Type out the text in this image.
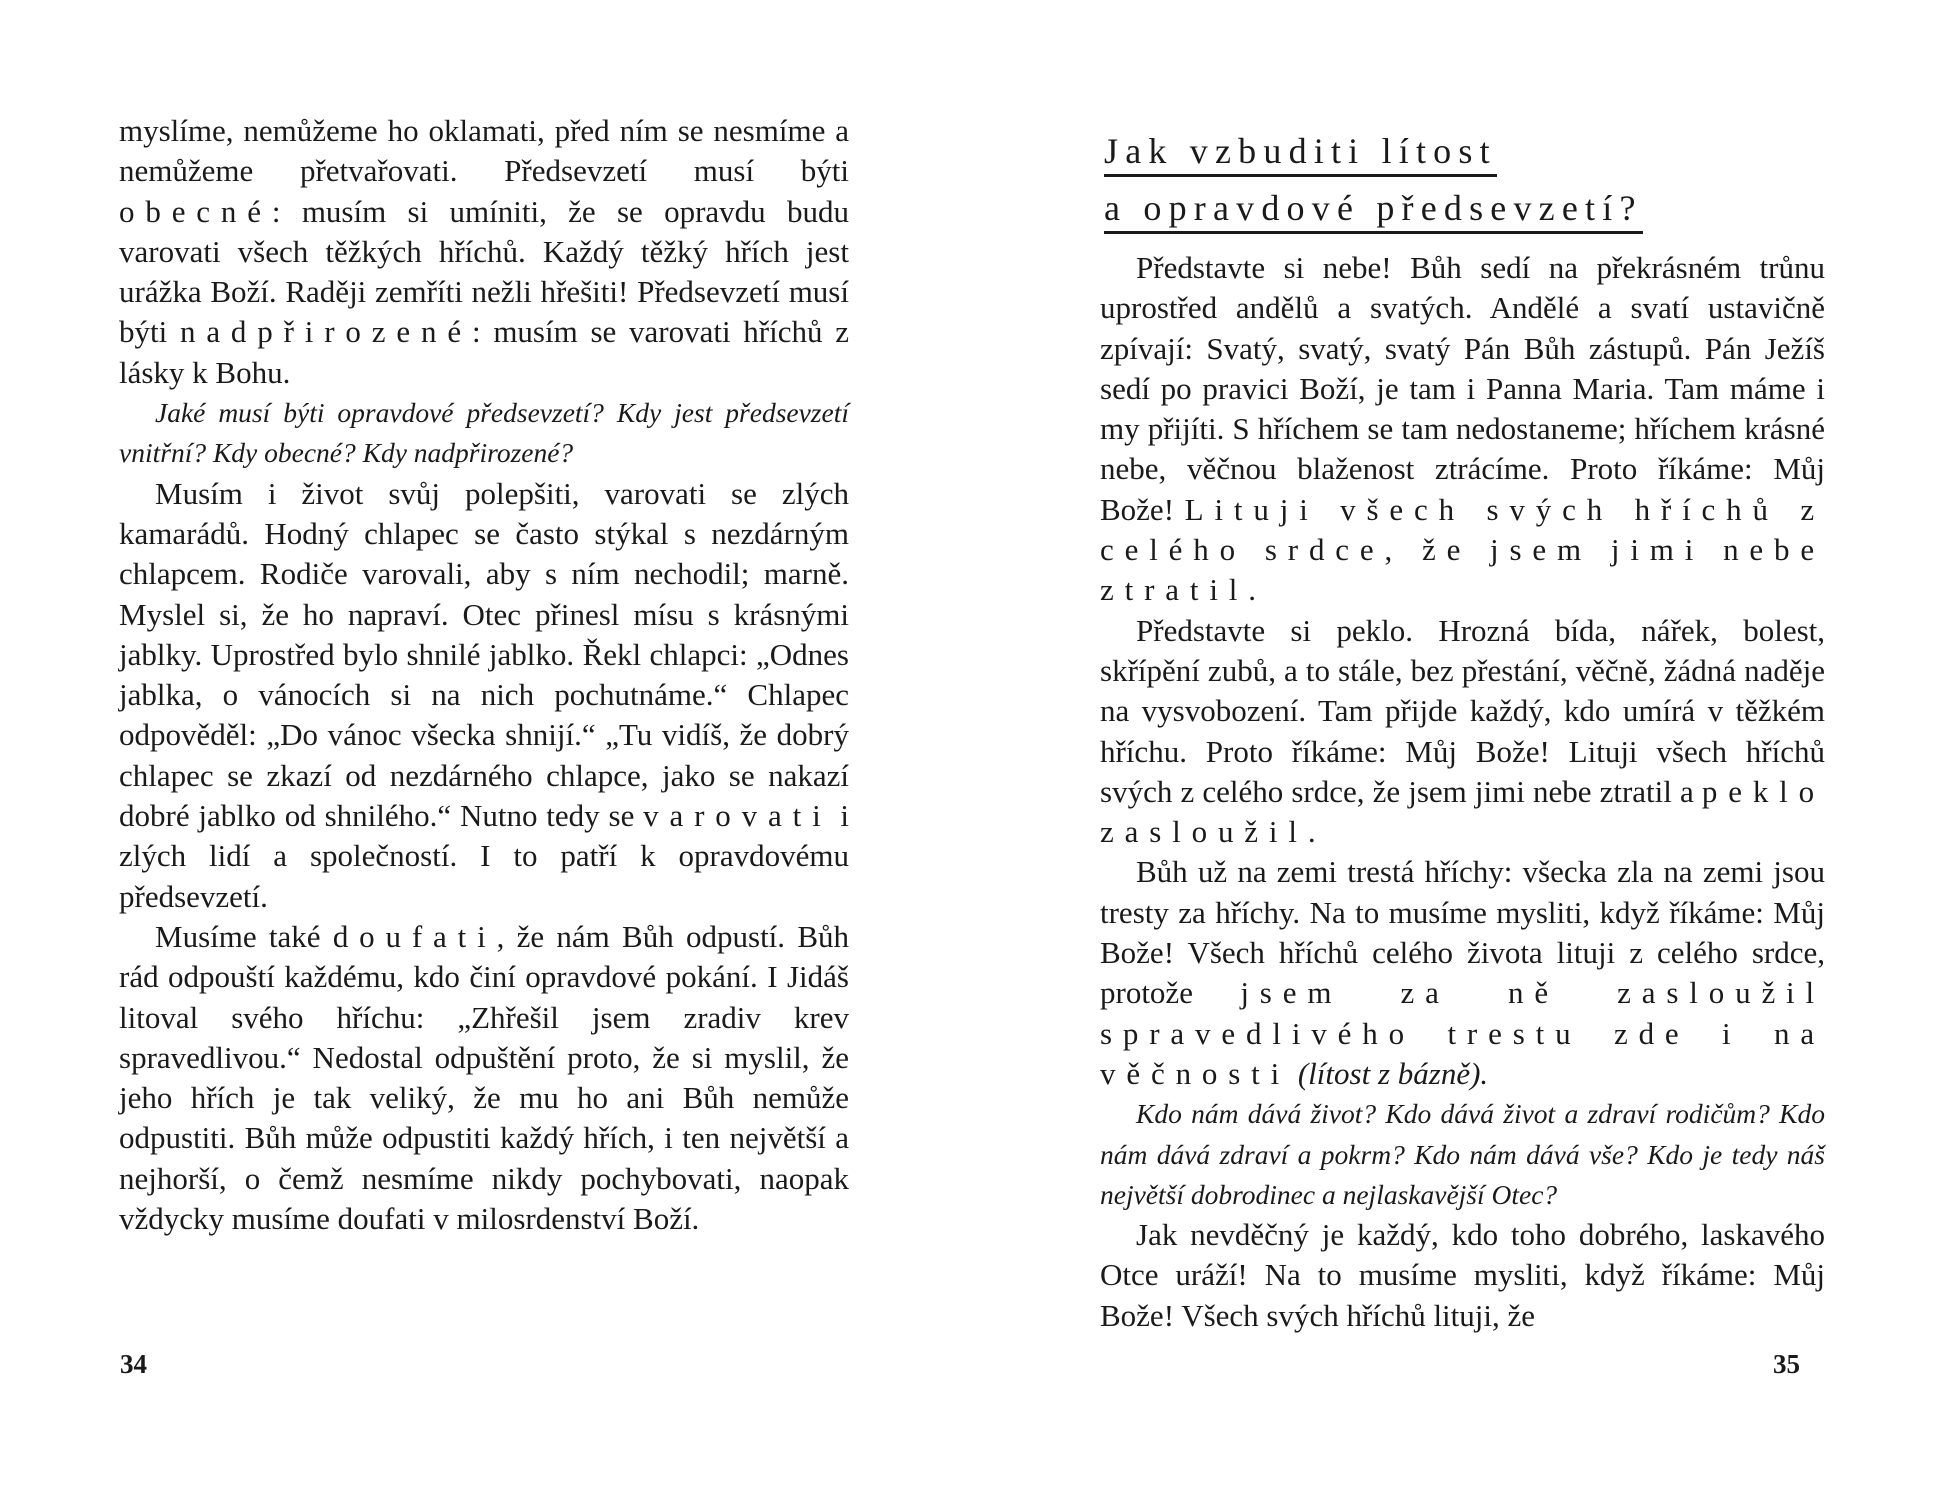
myslíme, nemůžeme ho oklamati, před ním se nesmíme a nemůžeme přetvařovati. Předsevzetí musí býti obecné: musím si umíniti, že se opravdu budu varovati všech těžkých hříchů. Každý těžký hřích jest urážka Boží. Raději zemříti nežli hřešiti! Předsevzetí musí býti nadpřirozené: musím se varovati hříchů z lásky k Bohu.

Jaké musí býti opravdové předsevzetí? Kdy jest předsevzetí vnitřní? Kdy obecné? Kdy nadpřirozené?

Musím i život svůj polepšiti, varovati se zlých kamarádů. Hodný chlapec se často stýkal s nezdárným chlapcem. Rodiče varovali, aby s ním nechodil; marně. Myslel si, že ho napraví. Otec přinesl mísu s krásnými jablky. Uprostřed bylo shnilé jablko. Řekl chlapci: „Odnes jablka, o vánocích si na nich pochutnáme.“ Chlapec odpověděl: „Do vánoc všecka shnijí.“ „Tu vidíš, že dobrý chlapec se zkazí od nezdárného chlapce, jako se nakazí dobré jablko od shnilého.“ Nutno tedy se varovati i zlých lidí a společností. I to patří k opravdovému předsevzetí.

Musíme také doufati, že nám Bůh odpustí. Bůh rád odpouští každému, kdo činí opravdové pokání. I Jidáš litoval svého hříchu: „Zhřešil jsem zradiv krev spravedlivou.“ Nedostal odpuštění proto, že si myslil, že jeho hřích je tak veliký, že mu ho ani Bůh nemůže odpustiti. Bůh může odpustiti každý hřích, i ten největší a nejhorší, o čemž nesmíme nikdy pochybovati, naopak vždycky musíme doufati v milosrdenství Boží.

34
Jak vzbuditi lítost
a opravdové předsevzetí?

Představte si nebe! Bůh sedí na překrásném trůnu uprostřed andělů a svatých. Andělé a svatí ustavičně zpívají: Svatý, svatý, svatý Pán Bůh zástupů. Pán Ježíš sedí po pravici Boží, je tam i Panna Maria. Tam máme i my přijíti. S hříchem se tam nedostaneme; hříchem krásné nebe, věčnou blaženost ztrácíme. Proto říkáme: Můj Bože! Lituji všech svých hříchů z celého srdce, že jsem jimi nebe ztratil.

Představte si peklo. Hrozná bída, nářek, bolest, skřípění zubů, a to stále, bez přestání, věčně, žádná naděje na vysvobození. Tam přijde každý, kdo umírá v těžkém hříchu. Proto říkáme: Můj Bože! Lituji všech hříchů svých z celého srdce, že jsem jimi nebe ztratil a peklo zasloužil.

Bůh už na zemi trestá hříchy: všecka zla na zemi jsou tresty za hříchy. Na to musíme mysliti, když říkáme: Můj Bože! Všech hříchů celého života lituji z celého srdce, protože jsem za ně zasloužil spravedlivého trestu zde i na věčnosti (lítost z bázně).

Kdo nám dává život? Kdo dává život a zdraví rodičům? Kdo nám dává zdraví a pokrm? Kdo nám dává vše? Kdo je tedy náš největší dobrodinec a nejlaskavější Otec?

Jak nevděčný je každý, kdo toho dobrého, laskavého Otce uráží! Na to musíme mysliti, když říkáme: Můj Bože! Všech svých hříchů lituji, že

35
